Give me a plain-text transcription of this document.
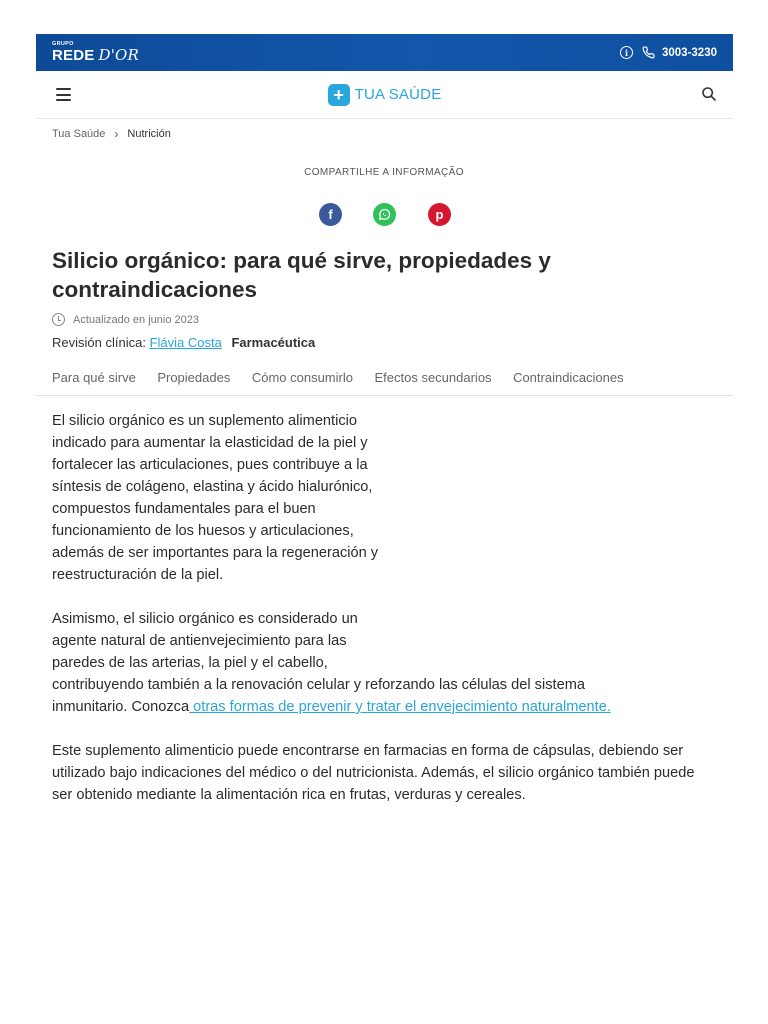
GRUPO
REDE D'OR	i	3003-3230
+ TUA SAÚDE
Tua Saúde › Nutrición
COMPARTILHE A INFORMAÇÃO
f	p
Silicio orgánico: para qué sirve, propiedades y contraindicaciones
Actualizado en junio 2023
Revisión clínica: Flávia Costa Farmacéutica
Para qué sirve Propiedades Cómo consumirlo Efectos secundarios Contraindicaciones

El silicio orgánico es un suplemento alimenticio
indicado para aumentar la elasticidad de la piel y
fortalecer las articulaciones, pues contribuye a la
síntesis de colágeno, elastina y ácido hialurónico,
compuestos fundamentales para el buen
funcionamiento de los huesos y articulaciones,
además de ser importantes para la regeneración y
reestructuración de la piel.

Asimismo, el silicio orgánico es considerado un
agente natural de antienvejecimiento para las
paredes de las arterias, la piel y el cabello,
contribuyendo también a la renovación celular y reforzando las células del sistema
inmunitario. Conozca otras formas de prevenir y tratar el envejecimiento naturalmente.

Este suplemento alimenticio puede encontrarse en farmacias en forma de cápsulas, debiendo ser utilizado bajo indicaciones del médico o del nutricionista. Además, el silicio orgánico también puede ser obtenido mediante la alimentación rica en frutas, verduras y cereales.
